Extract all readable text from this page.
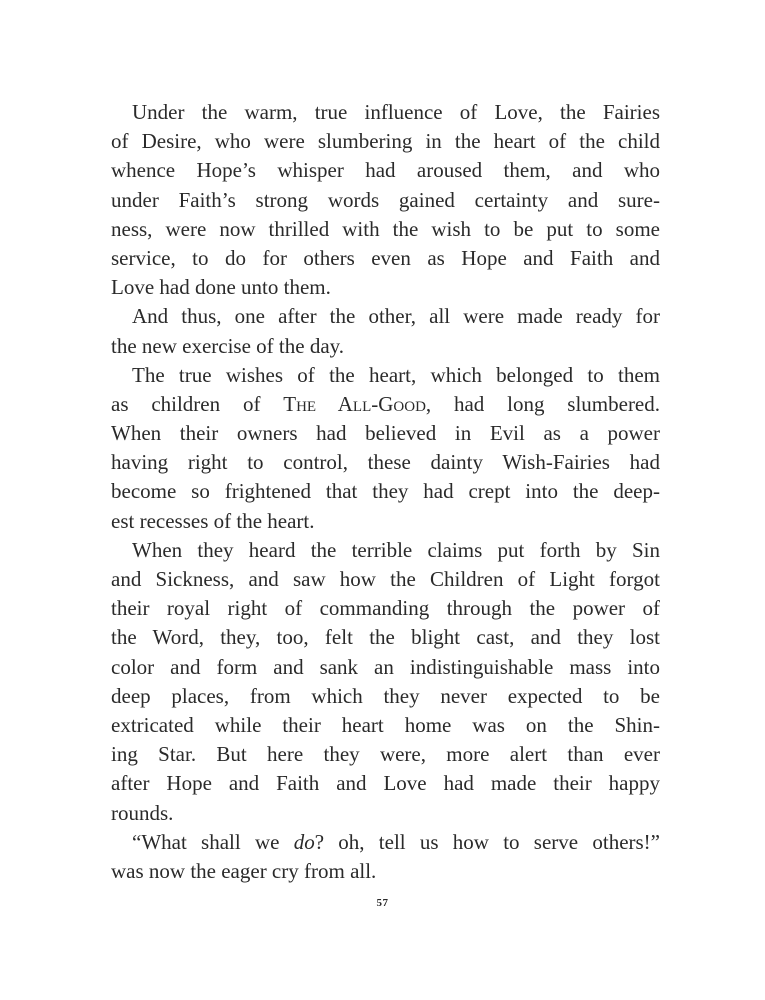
Under the warm, true influence of Love, the Fairies
of Desire, who were slumbering in the heart of the child
whence Hope’s whisper had aroused them, and who
under Faith’s strong words gained certainty and sure-
ness, were now thrilled with the wish to be put to some
service, to do for others even as Hope and Faith and
Love had done unto them.
And thus, one after the other, all were made ready for
the new exercise of the day.
The true wishes of the heart, which belonged to them
as children of The All-Good, had long slumbered.
When their owners had believed in Evil as a power
having right to control, these dainty Wish-Fairies had
become so frightened that they had crept into the deep-
est recesses of the heart.
When they heard the terrible claims put forth by Sin
and Sickness, and saw how the Children of Light forgot
their royal right of commanding through the power of
the Word, they, too, felt the blight cast, and they lost
color and form and sank an indistinguishable mass into
deep places, from which they never expected to be
extricated while their heart home was on the Shin-
ing Star. But here they were, more alert than ever
after Hope and Faith and Love had made their happy
rounds.
“What shall we do? oh, tell us how to serve others!”
was now the eager cry from all.
57
